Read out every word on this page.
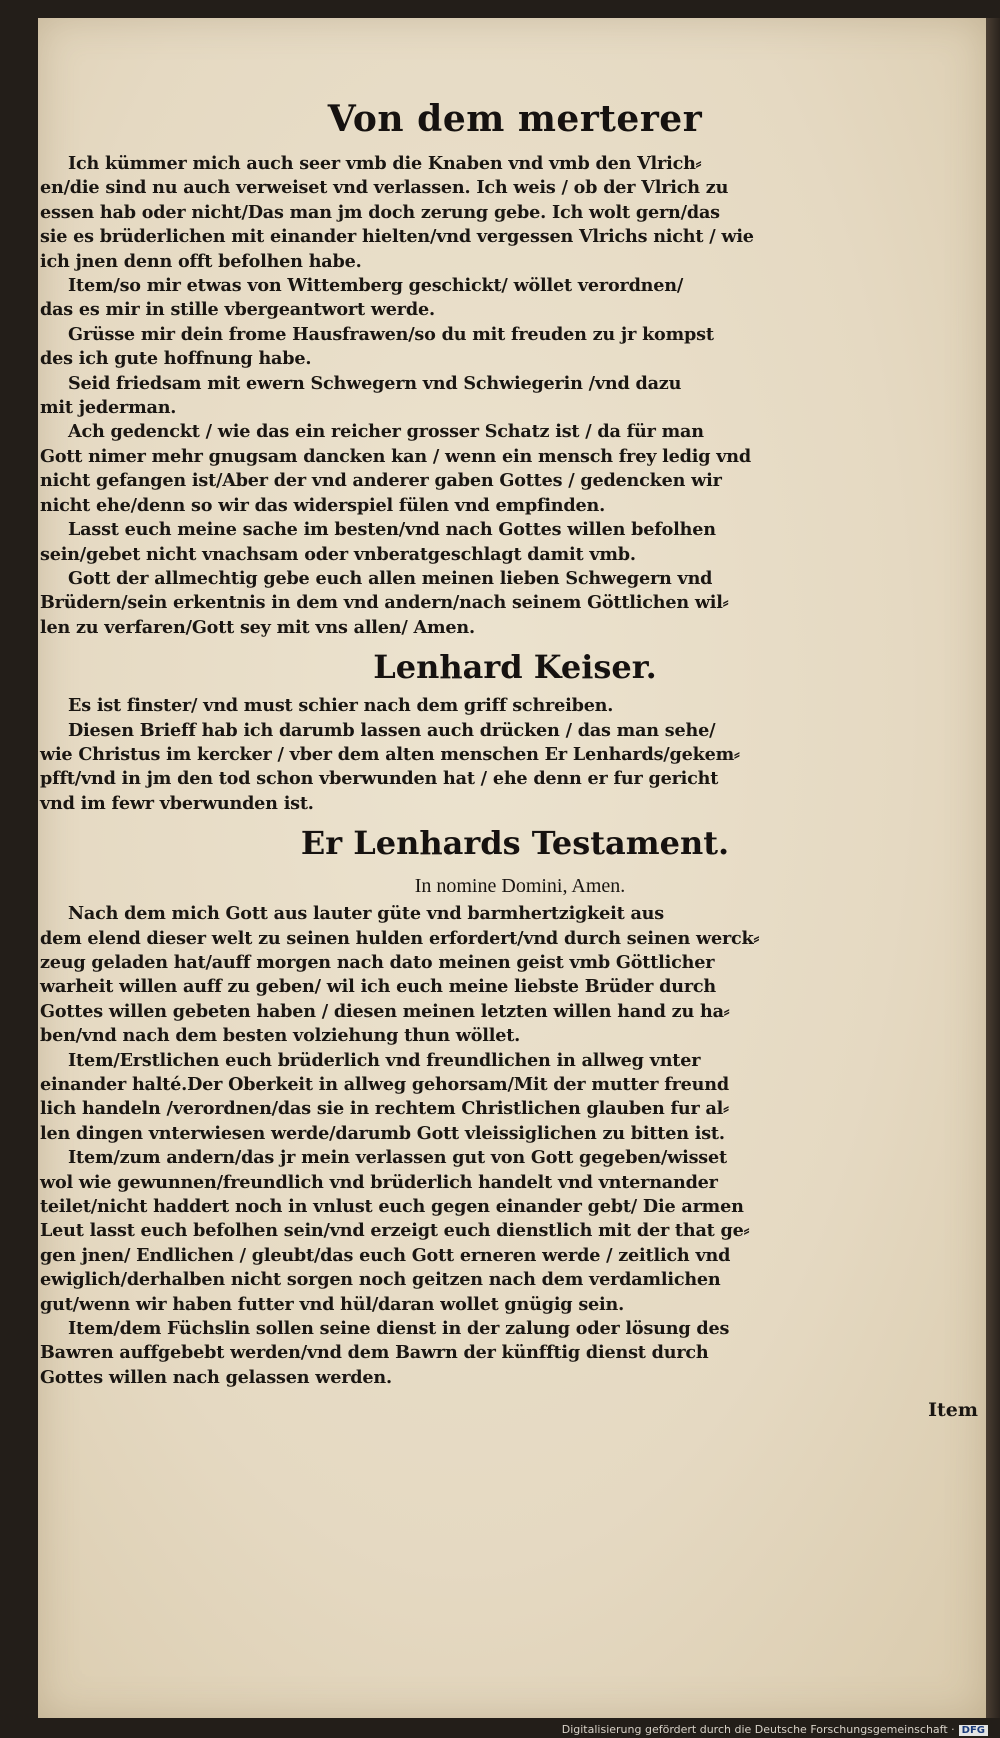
Von dem merterer
Ich kümmer mich auch seer vmb die Knaben vnd vmb den Vlrich⸗
en/die sind nu auch verweiset vnd verlassen. Ich weis / ob der Vlrich zu
essen hab oder nicht/Das man jm doch zerung gebe. Ich wolt gern/das
sie es brüderlichen mit einander hielten/vnd vergessen Vlrichs nicht / wie
ich jnen denn offt befolhen habe.
Item/so mir etwas von Wittemberg geschickt/ wöllet verordnen/
das es mir in stille vbergeantwort werde.
Grüsse mir dein frome Hausfrawen/so du mit freuden zu jr kompst
des ich gute hoffnung habe.
Seid friedsam mit ewern Schwegern vnd Schwiegerin /vnd dazu
mit jederman.
Ach gedenckt / wie das ein reicher grosser Schatz ist / da für man
Gott nimer mehr gnugsam dancken kan / wenn ein mensch frey ledig vnd
nicht gefangen ist/Aber der vnd anderer gaben Gottes / gedencken wir
nicht ehe/denn so wir das widerspiel fülen vnd empfinden.
Lasst euch meine sache im besten/vnd nach Gottes willen befolhen
sein/gebet nicht vnachsam oder vnberatgeschlagt damit vmb.
Gott der allmechtig gebe euch allen meinen lieben Schwegern vnd
Brüdern/sein erkentnis in dem vnd andern/nach seinem Göttlichen wil⸗
len zu verfaren/Gott sey mit vns allen/ Amen.
Lenhard Keiser.
Es ist finster/ vnd must schier nach dem griff schreiben.
Diesen Brieff hab ich darumb lassen auch drücken / das man sehe/
wie Christus im kercker / vber dem alten menschen Er Lenhards/gekem⸗
pfft/vnd in jm den tod schon vberwunden hat / ehe denn er fur gericht
vnd im fewr vberwunden ist.
Er Lenhards Testament.
In nomine Domini, Amen.
Nach dem mich Gott aus lauter güte vnd barmhertzigkeit aus
dem elend dieser welt zu seinen hulden erfordert/vnd durch seinen werck⸗
zeug geladen hat/auff morgen nach dato meinen geist vmb Göttlicher
warheit willen auff zu geben/ wil ich euch meine liebste Brüder durch
Gottes willen gebeten haben / diesen meinen letzten willen hand zu ha⸗
ben/vnd nach dem besten volziehung thun wöllet.
Item/Erstlichen euch brüderlich vnd freundlichen in allweg vnter
einander halté.Der Oberkeit in allweg gehorsam/Mit der mutter freund
lich handeln /verordnen/das sie in rechtem Christlichen glauben fur al⸗
len dingen vnterwiesen werde/darumb Gott vleissiglichen zu bitten ist.
Item/zum andern/das jr mein verlassen gut von Gott gegeben/wisset
wol wie gewunnen/freundlich vnd brüderlich handelt vnd vnternander
teilet/nicht haddert noch in vnlust euch gegen einander gebt/ Die armen
Leut lasst euch befolhen sein/vnd erzeigt euch dienstlich mit der that ge⸗
gen jnen/ Endlichen / gleubt/das euch Gott erneren werde / zeitlich vnd
ewiglich/derhalben nicht sorgen noch geitzen nach dem verdamlichen
gut/wenn wir haben futter vnd hül/daran wollet gnügig sein.
Item/dem Füchslin sollen seine dienst in der zalung oder lösung des
Bawren auffgebebt werden/vnd dem Bawrn der künfftig dienst durch
Gottes willen nach gelassen werden.
Item
Digitalisierung gefördert durch die Deutsche Forschungsgemeinschaft · DFG
